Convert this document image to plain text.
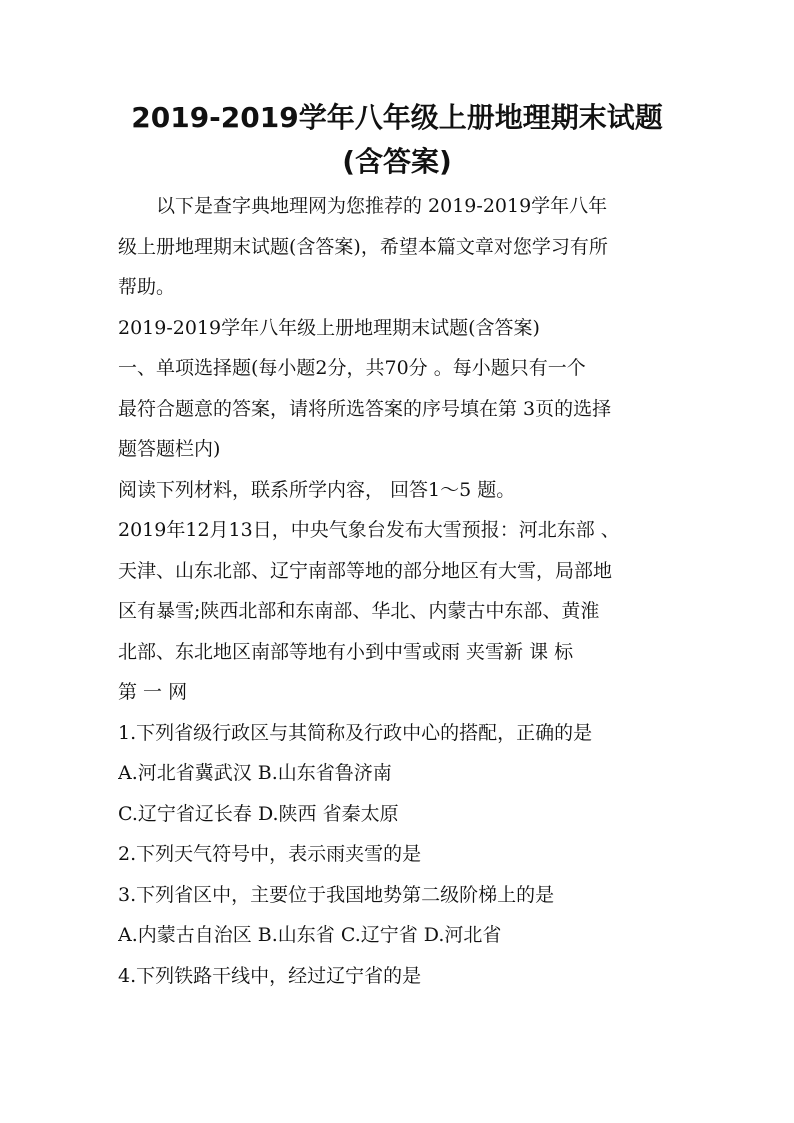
2019-2019学年八年级上册地理期末试题(含答案)
以下是查字典地理网为您推荐的 2019-2019学年八年
级上册地理期末试题(含答案)，希望本篇文章对您学习有所
帮助。
2019-2019学年八年级上册地理期末试题(含答案)
一、单项选择题(每小题2分，共70分 。每小题只有一个
最符合题意的答案，请将所选答案的序号填在第 3页的选择
题答题栏内)
阅读下列材料，联系所学内容， 回答1～5 题。
2019年12月13日，中央气象台发布大雪预报：河北东部 、
天津、山东北部、辽宁南部等地的部分地区有大雪，局部地
区有暴雪;陕西北部和东南部、华北、内蒙古中东部、黄淮
北部、东北地区南部等地有小到中雪或雨 夹雪新 课 标
第 一 网
1.下列省级行政区与其简称及行政中心的搭配，正确的是
A.河北省冀武汉 B.山东省鲁济南
C.辽宁省辽长春 D.陕西 省秦太原
2.下列天气符号中，表示雨夹雪的是
3.下列省区中，主要位于我国地势第二级阶梯上的是
A.内蒙古自治区 B.山东省 C.辽宁省 D.河北省
4.下列铁路干线中，经过辽宁省的是
